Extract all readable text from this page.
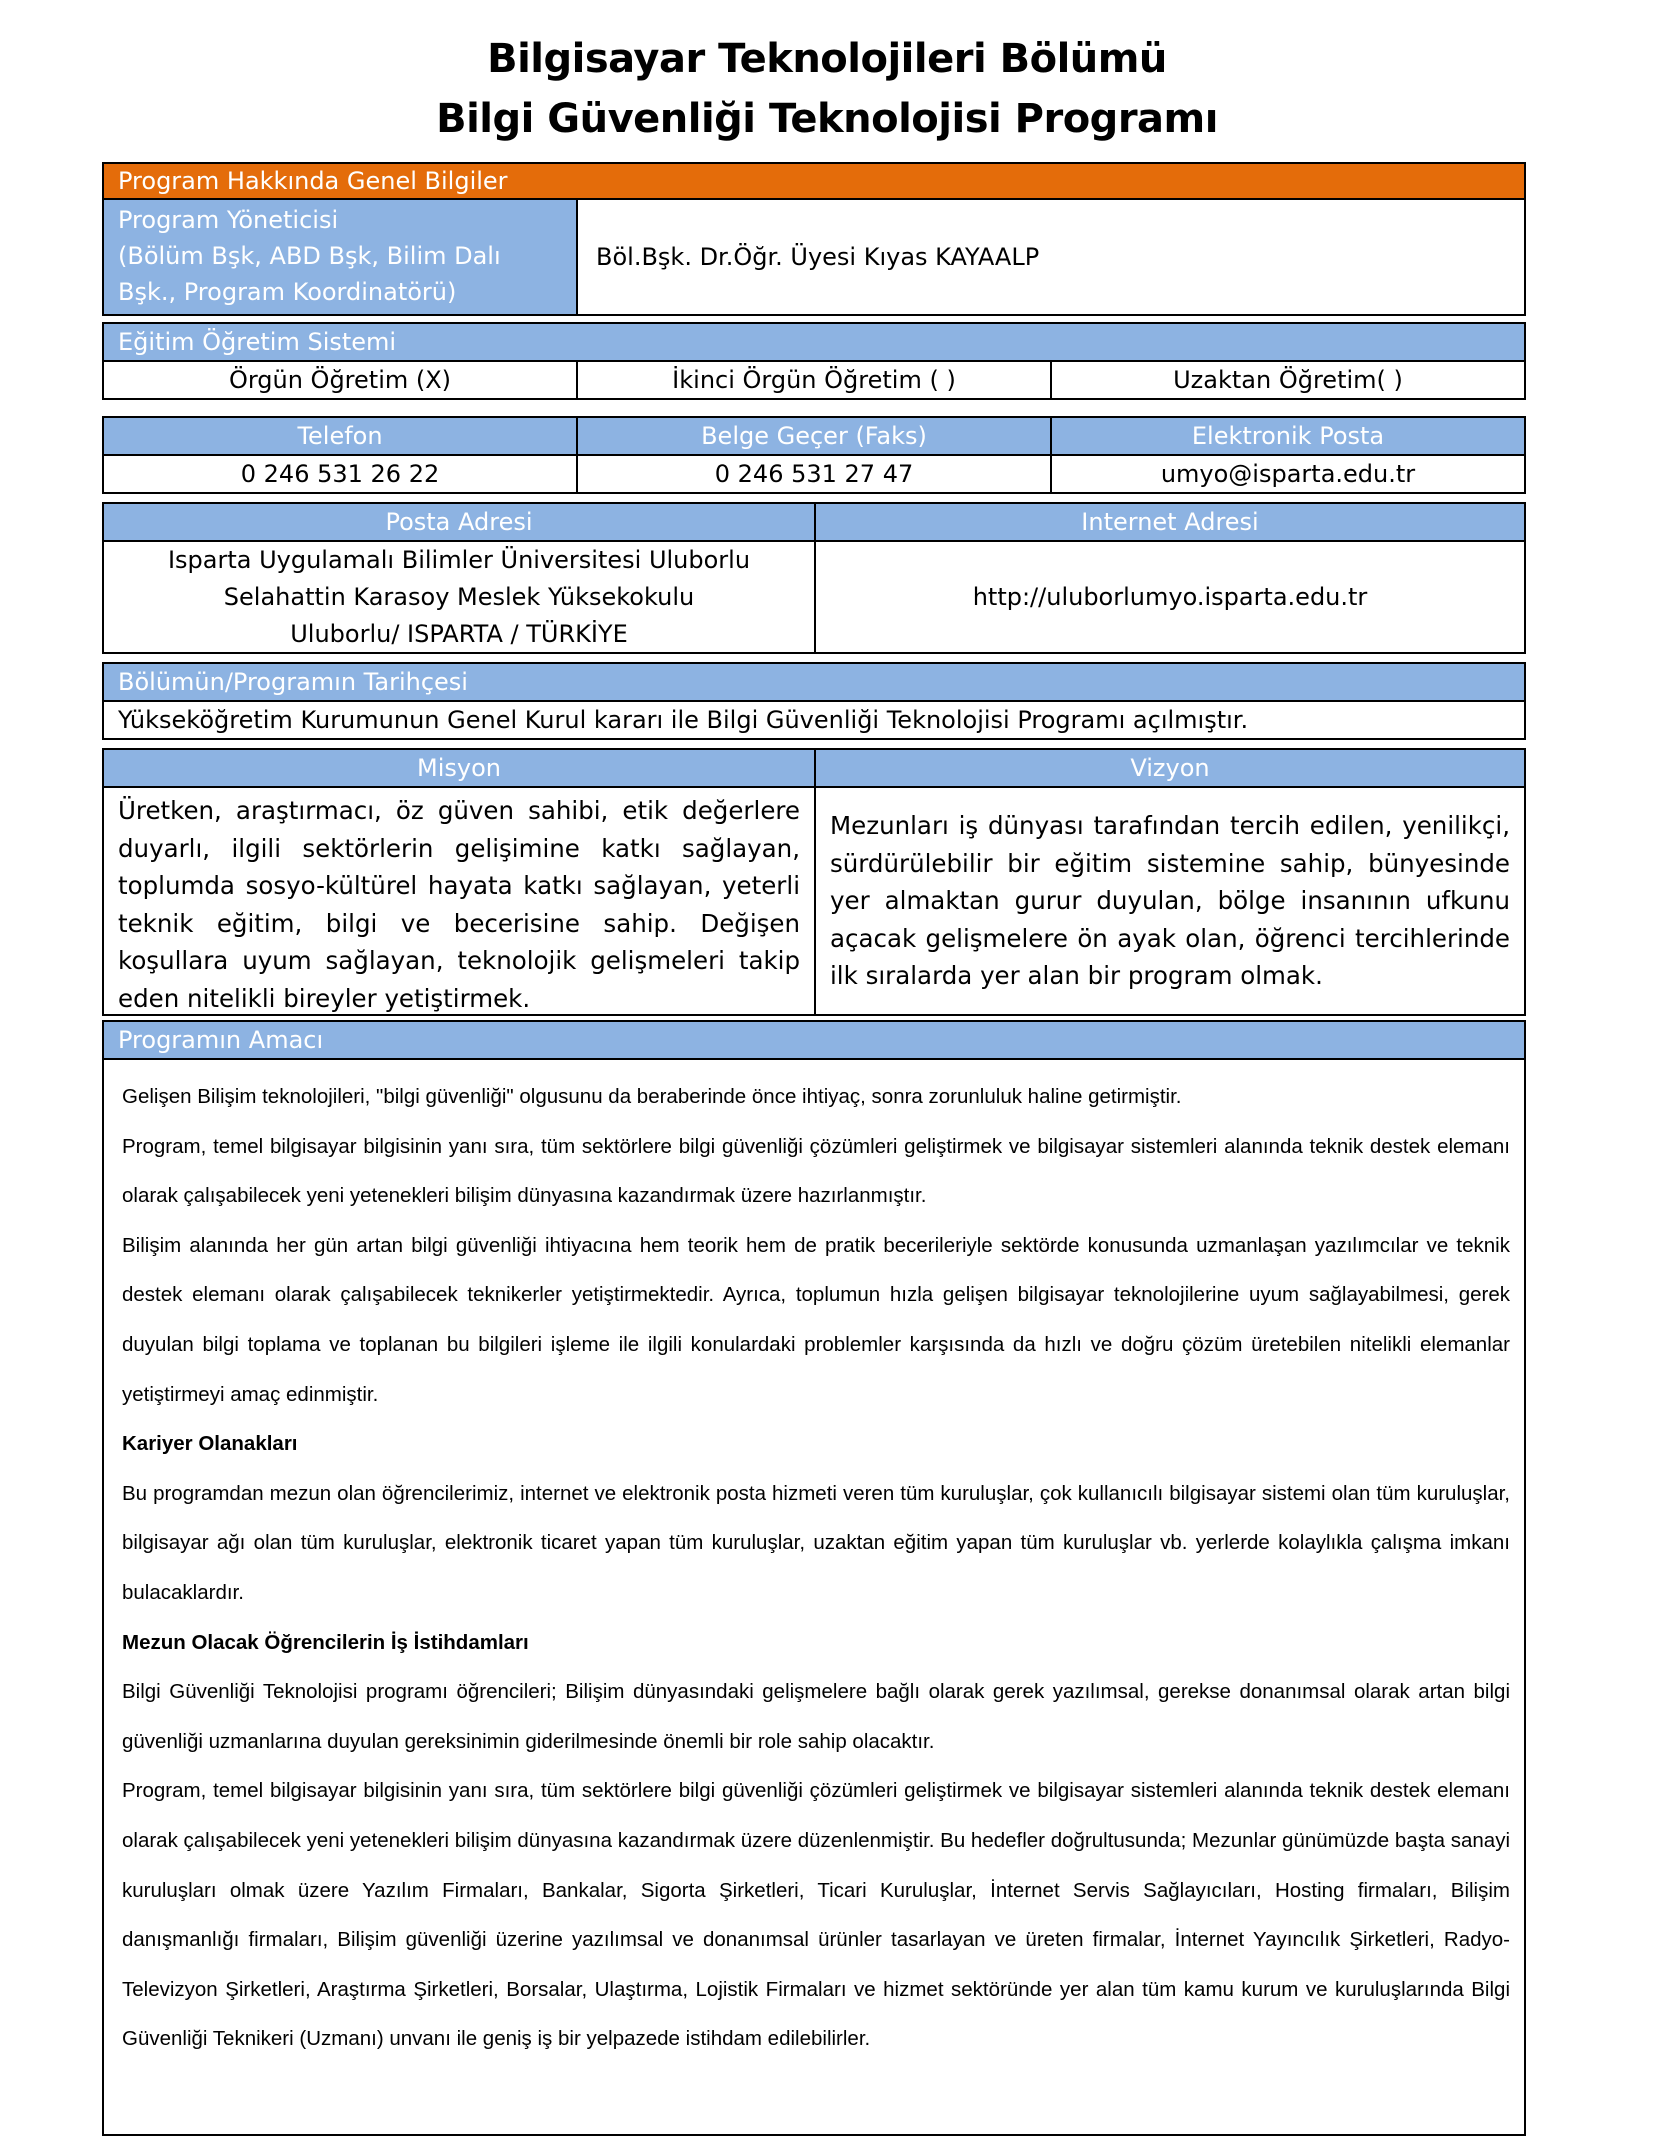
Bilgisayar Teknolojileri Bölümü
Bilgi Güvenliği Teknolojisi Programı
Program Hakkında Genel Bilgiler
Program Yöneticisi
(Bölüm Bşk, ABD Bşk, Bilim Dalı
Bşk., Program Koordinatörü)
Böl.Bşk. Dr.Öğr. Üyesi Kıyas KAYAALP
Eğitim Öğretim Sistemi
Örgün Öğretim (X)	İkinci Örgün Öğretim ( )	Uzaktan Öğretim( )
Telefon	Belge Geçer (Faks)	Elektronik Posta
0 246 531 26 22	0 246 531 27 47	umyo@isparta.edu.tr
Posta Adresi	Internet Adresi
Isparta Uygulamalı Bilimler Üniversitesi Uluborlu
Selahattin Karasoy Meslek Yüksekokulu
Uluborlu/ ISPARTA / TÜRKİYE
http://uluborlumyo.isparta.edu.tr
Bölümün/Programın Tarihçesi
Yükseköğretim Kurumunun Genel Kurul kararı ile Bilgi Güvenliği Teknolojisi Programı açılmıştır.
Misyon	Vizyon
Üretken, araştırmacı, öz güven sahibi, etik değerlere duyarlı, ilgili sektörlerin gelişimine katkı sağlayan, toplumda sosyo-kültürel hayata katkı sağlayan, yeterli teknik eğitim, bilgi ve becerisine sahip. Değişen koşullara uyum sağlayan, teknolojik gelişmeleri takip eden nitelikli bireyler yetiştirmek.
Mezunları iş dünyası tarafından tercih edilen, yenilikçi, sürdürülebilir bir eğitim sistemine sahip, bünyesinde yer almaktan gurur duyulan, bölge insanının ufkunu açacak gelişmelere ön ayak olan, öğrenci tercihlerinde ilk sıralarda yer alan bir program olmak.
Programın Amacı

Gelişen Bilişim teknolojileri, "bilgi güvenliği" olgusunu da beraberinde önce ihtiyaç, sonra zorunluluk haline getirmiştir.

Program, temel bilgisayar bilgisinin yanı sıra, tüm sektörlere bilgi güvenliği çözümleri geliştirmek ve bilgisayar sistemleri alanında teknik destek elemanı olarak çalışabilecek yeni yetenekleri bilişim dünyasına kazandırmak üzere hazırlanmıştır.

Bilişim alanında her gün artan bilgi güvenliği ihtiyacına hem teorik hem de pratik becerileriyle sektörde konusunda uzmanlaşan yazılımcılar ve teknik destek elemanı olarak çalışabilecek teknikerler yetiştirmektedir. Ayrıca, toplumun hızla gelişen bilgisayar teknolojilerine uyum sağlayabilmesi, gerek duyulan bilgi toplama ve toplanan bu bilgileri işleme ile ilgili konulardaki problemler karşısında da hızlı ve doğru çözüm üretebilen nitelikli elemanlar yetiştirmeyi amaç edinmiştir.

Kariyer Olanakları

Bu programdan mezun olan öğrencilerimiz, internet ve elektronik posta hizmeti veren tüm kuruluşlar, çok kullanıcılı bilgisayar sistemi olan tüm kuruluşlar, bilgisayar ağı olan tüm kuruluşlar, elektronik ticaret yapan tüm kuruluşlar, uzaktan eğitim yapan tüm kuruluşlar vb. yerlerde kolaylıkla çalışma imkanı bulacaklardır.

Mezun Olacak Öğrencilerin İş İstihdamları

Bilgi Güvenliği Teknolojisi programı öğrencileri; Bilişim dünyasındaki gelişmelere bağlı olarak gerek yazılımsal, gerekse donanımsal olarak artan bilgi güvenliği uzmanlarına duyulan gereksinimin giderilmesinde önemli bir role sahip olacaktır.

Program, temel bilgisayar bilgisinin yanı sıra, tüm sektörlere bilgi güvenliği çözümleri geliştirmek ve bilgisayar sistemleri alanında teknik destek elemanı olarak çalışabilecek yeni yetenekleri bilişim dünyasına kazandırmak üzere düzenlenmiştir. Bu hedefler doğrultusunda; Mezunlar günümüzde başta sanayi kuruluşları olmak üzere Yazılım Firmaları, Bankalar, Sigorta Şirketleri, Ticari Kuruluşlar, İnternet Servis Sağlayıcıları, Hosting firmaları, Bilişim danışmanlığı firmaları, Bilişim güvenliği üzerine yazılımsal ve donanımsal ürünler tasarlayan ve üreten firmalar, İnternet Yayıncılık Şirketleri, Radyo- Televizyon Şirketleri, Araştırma Şirketleri, Borsalar, Ulaştırma, Lojistik Firmaları ve hizmet sektöründe yer alan tüm kamu kurum ve kuruluşlarında Bilgi Güvenliği Teknikeri (Uzmanı) unvanı ile geniş iş bir yelpazede istihdam edilebilirler.
